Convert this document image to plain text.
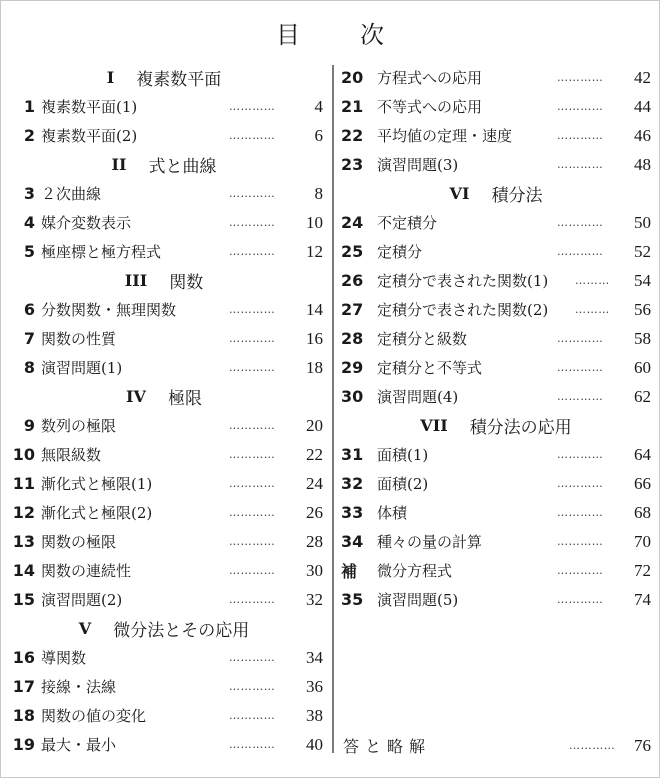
目	次
I 複素数平面
1 複素数平面(1)	…………	4
2 複素数平面(2)	…………	6
II 式と曲線
3 ２次曲線	…………	8
4 媒介変数表示	…………	10
5 極座標と極方程式	…………	12
III 関数
6 分数関数・無理関数	…………	14
7 関数の性質	…………	16
8 演習問題(1)	…………	18
IV 極限
9 数列の極限	…………	20
10 無限級数	…………	22
11 漸化式と極限(1)	…………	24
12 漸化式と極限(2)	…………	26
13 関数の極限	…………	28
14 関数の連続性	…………	30
15 演習問題(2)	…………	32
V 微分法とその応用
16 導関数	…………	34
17 接線・法線	…………	36
18 関数の値の変化	…………	38
19 最大・最小	…………	40
20 方程式への応用	…………	42
21 不等式への応用	…………	44
22 平均値の定理・速度	…………	46
23 演習問題(3)	…………	48
VI 積分法
24 不定積分	…………	50
25 定積分	…………	52
26 定積分で表された関数(1) ………	54
27 定積分で表された関数(2) ………	56
28 定積分と級数	…………	58
29 定積分と不等式	…………	60
30 演習問題(4)	…………	62
VII 積分法の応用
31 面積(1)	…………	64
32 面積(2)	…………	66
33 体積	…………	68
34 種々の量の計算	…………	70
補	微分方程式	…………	72
35 演習問題(5)	…………	74
答と略解	………… 76
